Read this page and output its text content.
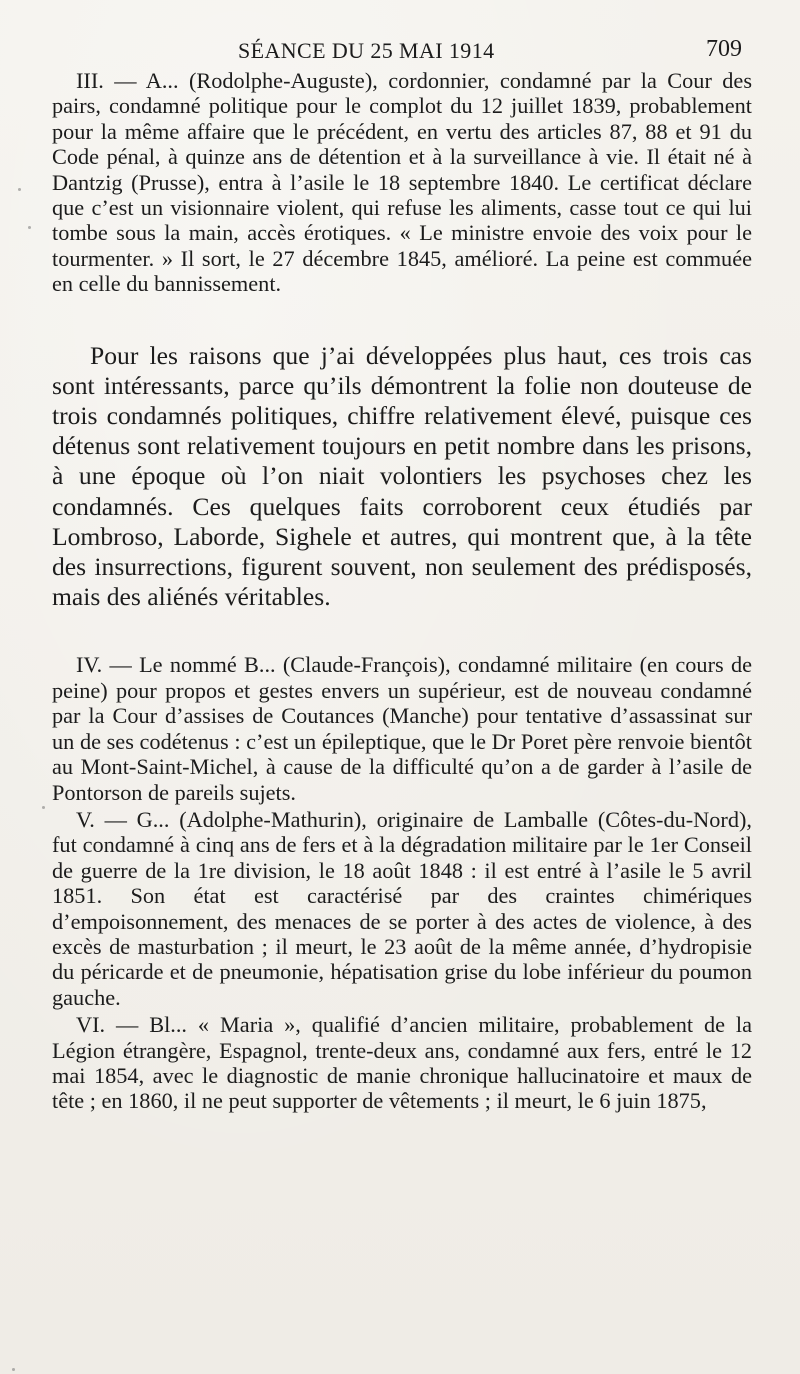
SÉANCE DU 25 MAI 1914	709

III. — A... (Rodolphe-Auguste), cordonnier, condamné par la Cour des pairs, condamné politique pour le complot du 12 juillet 1839, probablement pour la même affaire que le précédent, en vertu des articles 87, 88 et 91 du Code pénal, à quinze ans de détention et à la surveillance à vie. Il était né à Dantzig (Prusse), entra à l’asile le 18 septembre 1840. Le certificat déclare que c’est un visionnaire violent, qui refuse les aliments, casse tout ce qui lui tombe sous la main, accès érotiques. « Le ministre envoie des voix pour le tourmenter. » Il sort, le 27 décembre 1845, amélioré. La peine est commuée en celle du bannissement.

Pour les raisons que j’ai développées plus haut, ces trois cas sont intéressants, parce qu’ils démontrent la folie non douteuse de trois condamnés politiques, chiffre relativement élevé, puisque ces détenus sont relativement toujours en petit nombre dans les prisons, à une époque où l’on niait volontiers les psychoses chez les condamnés. Ces quelques faits corroborent ceux étudiés par Lombroso, Laborde, Sighele et autres, qui montrent que, à la tête des insurrections, figurent souvent, non seulement des prédisposés, mais des aliénés véritables.

IV. — Le nommé B... (Claude-François), condamné militaire (en cours de peine) pour propos et gestes envers un supérieur, est de nouveau condamné par la Cour d’assises de Coutances (Manche) pour tentative d’assassinat sur un de ses codétenus : c’est un épileptique, que le Dr Poret père renvoie bientôt au Mont-Saint-Michel, à cause de la difficulté qu’on a de garder à l’asile de Pontorson de pareils sujets.

V. — G... (Adolphe-Mathurin), originaire de Lamballe (Côtes-du-Nord), fut condamné à cinq ans de fers et à la dégradation militaire par le 1er Conseil de guerre de la 1re division, le 18 août 1848 : il est entré à l’asile le 5 avril 1851. Son état est caractérisé par des craintes chimériques d’empoisonnement, des menaces de se porter à des actes de violence, à des excès de masturbation ; il meurt, le 23 août de la même année, d’hydropisie du péricarde et de pneumonie, hépatisation grise du lobe inférieur du poumon gauche.

VI. — Bl... « Maria », qualifié d’ancien militaire, probablement de la Légion étrangère, Espagnol, trente-deux ans, condamné aux fers, entré le 12 mai 1854, avec le diagnostic de manie chronique hallucinatoire et maux de tête ; en 1860, il ne peut supporter de vêtements ; il meurt, le 6 juin 1875,
